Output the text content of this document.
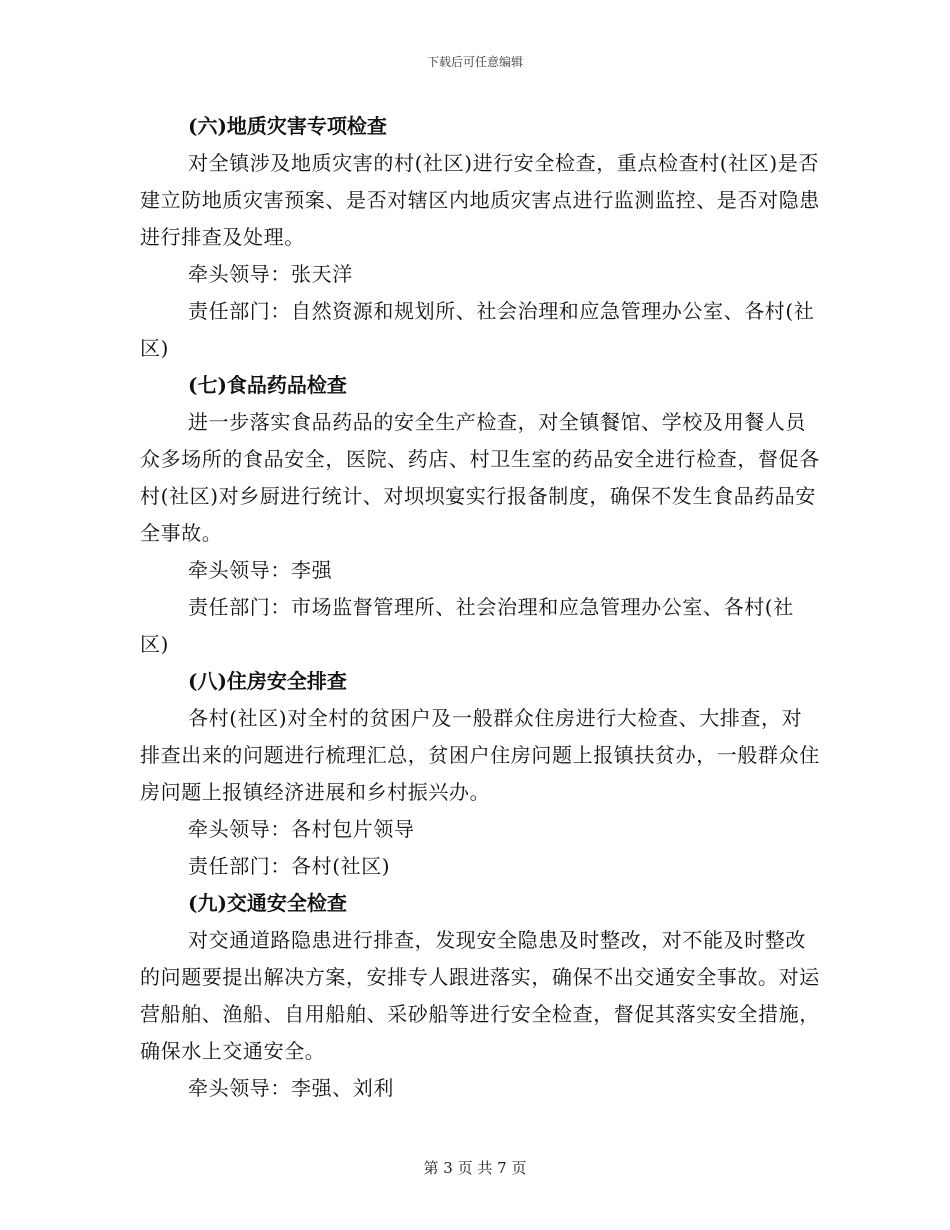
下载后可任意编辑
(六)地质灾害专项检查

对全镇涉及地质灾害的村(社区)进行安全检查，重点检查村(社区)是否建立防地质灾害预案、是否对辖区内地质灾害点进行监测监控、是否对隐患进行排查及处理。

牵头领导：张天洋

责任部门：自然资源和规划所、社会治理和应急管理办公室、各村(社区)

(七)食品药品检查

进一步落实食品药品的安全生产检查，对全镇餐馆、学校及用餐人员众多场所的食品安全，医院、药店、村卫生室的药品安全进行检查，督促各村(社区)对乡厨进行统计、对坝坝宴实行报备制度，确保不发生食品药品安全事故。

牵头领导：李强

责任部门：市场监督管理所、社会治理和应急管理办公室、各村(社区)

(八)住房安全排查

各村(社区)对全村的贫困户及一般群众住房进行大检查、大排查，对排查出来的问题进行梳理汇总，贫困户住房问题上报镇扶贫办，一般群众住房问题上报镇经济进展和乡村振兴办。

牵头领导：各村包片领导

责任部门：各村(社区)

(九)交通安全检查

对交通道路隐患进行排查，发现安全隐患及时整改，对不能及时整改的问题要提出解决方案，安排专人跟进落实，确保不出交通安全事故。对运营船舶、渔船、自用船舶、采砂船等进行安全检查，督促其落实安全措施，确保水上交通安全。

牵头领导：李强、刘利

第 3 页 共 7 页
